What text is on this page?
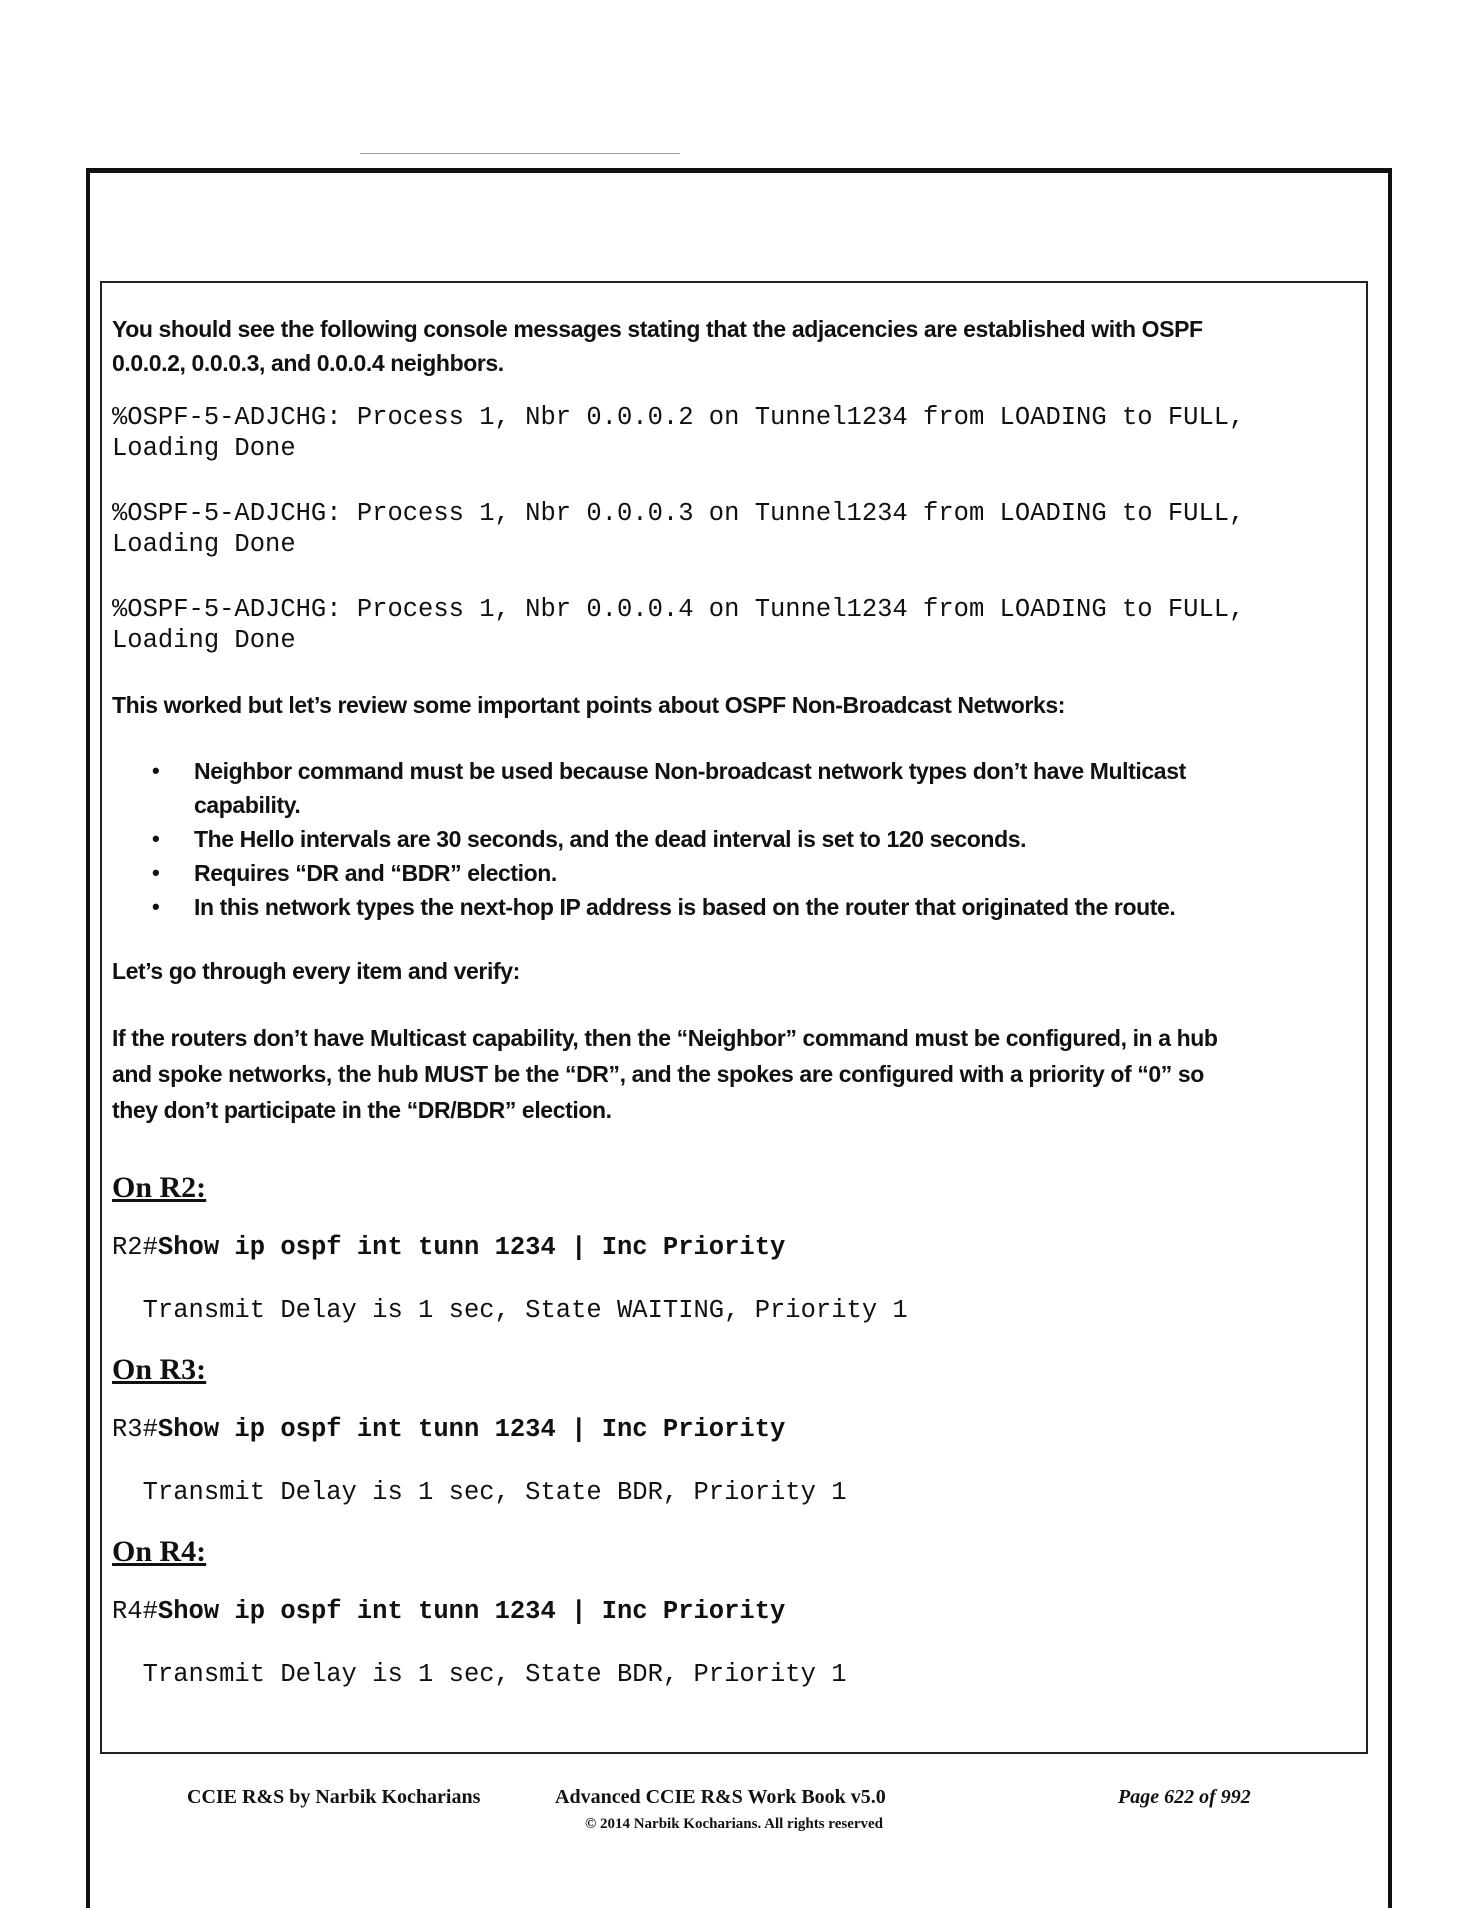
You should see the following console messages stating that the adjacencies are established with OSPF
0.0.0.2, 0.0.0.3, and 0.0.0.4 neighbors.

%OSPF-5-ADJCHG: Process 1, Nbr 0.0.0.2 on Tunnel1234 from LOADING to FULL,
Loading Done
%OSPF-5-ADJCHG: Process 1, Nbr 0.0.0.3 on Tunnel1234 from LOADING to FULL,
Loading Done
%OSPF-5-ADJCHG: Process 1, Nbr 0.0.0.4 on Tunnel1234 from LOADING to FULL,
Loading Done

This worked but let’s review some important points about OSPF Non-Broadcast Networks:

• Neighbor command must be used because Non-broadcast network types don’t have Multicast
capability.
• The Hello intervals are 30 seconds, and the dead interval is set to 120 seconds.
• Requires “DR and “BDR” election.
• In this network types the next-hop IP address is based on the router that originated the route.

Let’s go through every item and verify:

If the routers don’t have Multicast capability, then the “Neighbor” command must be configured, in a hub
and spoke networks, the hub MUST be the “DR”, and the spokes are configured with a priority of “0” so
they don’t participate in the “DR/BDR” election.

On R2:

R2#Show ip ospf int tunn 1234 | Inc Priority
Transmit Delay is 1 sec, State WAITING, Priority 1

On R3:

R3#Show ip ospf int tunn 1234 | Inc Priority
Transmit Delay is 1 sec, State BDR, Priority 1

On R4:

R4#Show ip ospf int tunn 1234 | Inc Priority
Transmit Delay is 1 sec, State BDR, Priority 1
CCIE R&S by Narbik Kocharians	Advanced CCIE R&S Work Book v5.0
© 2014 Narbik Kocharians. All rights reserved
Page 622 of 992
